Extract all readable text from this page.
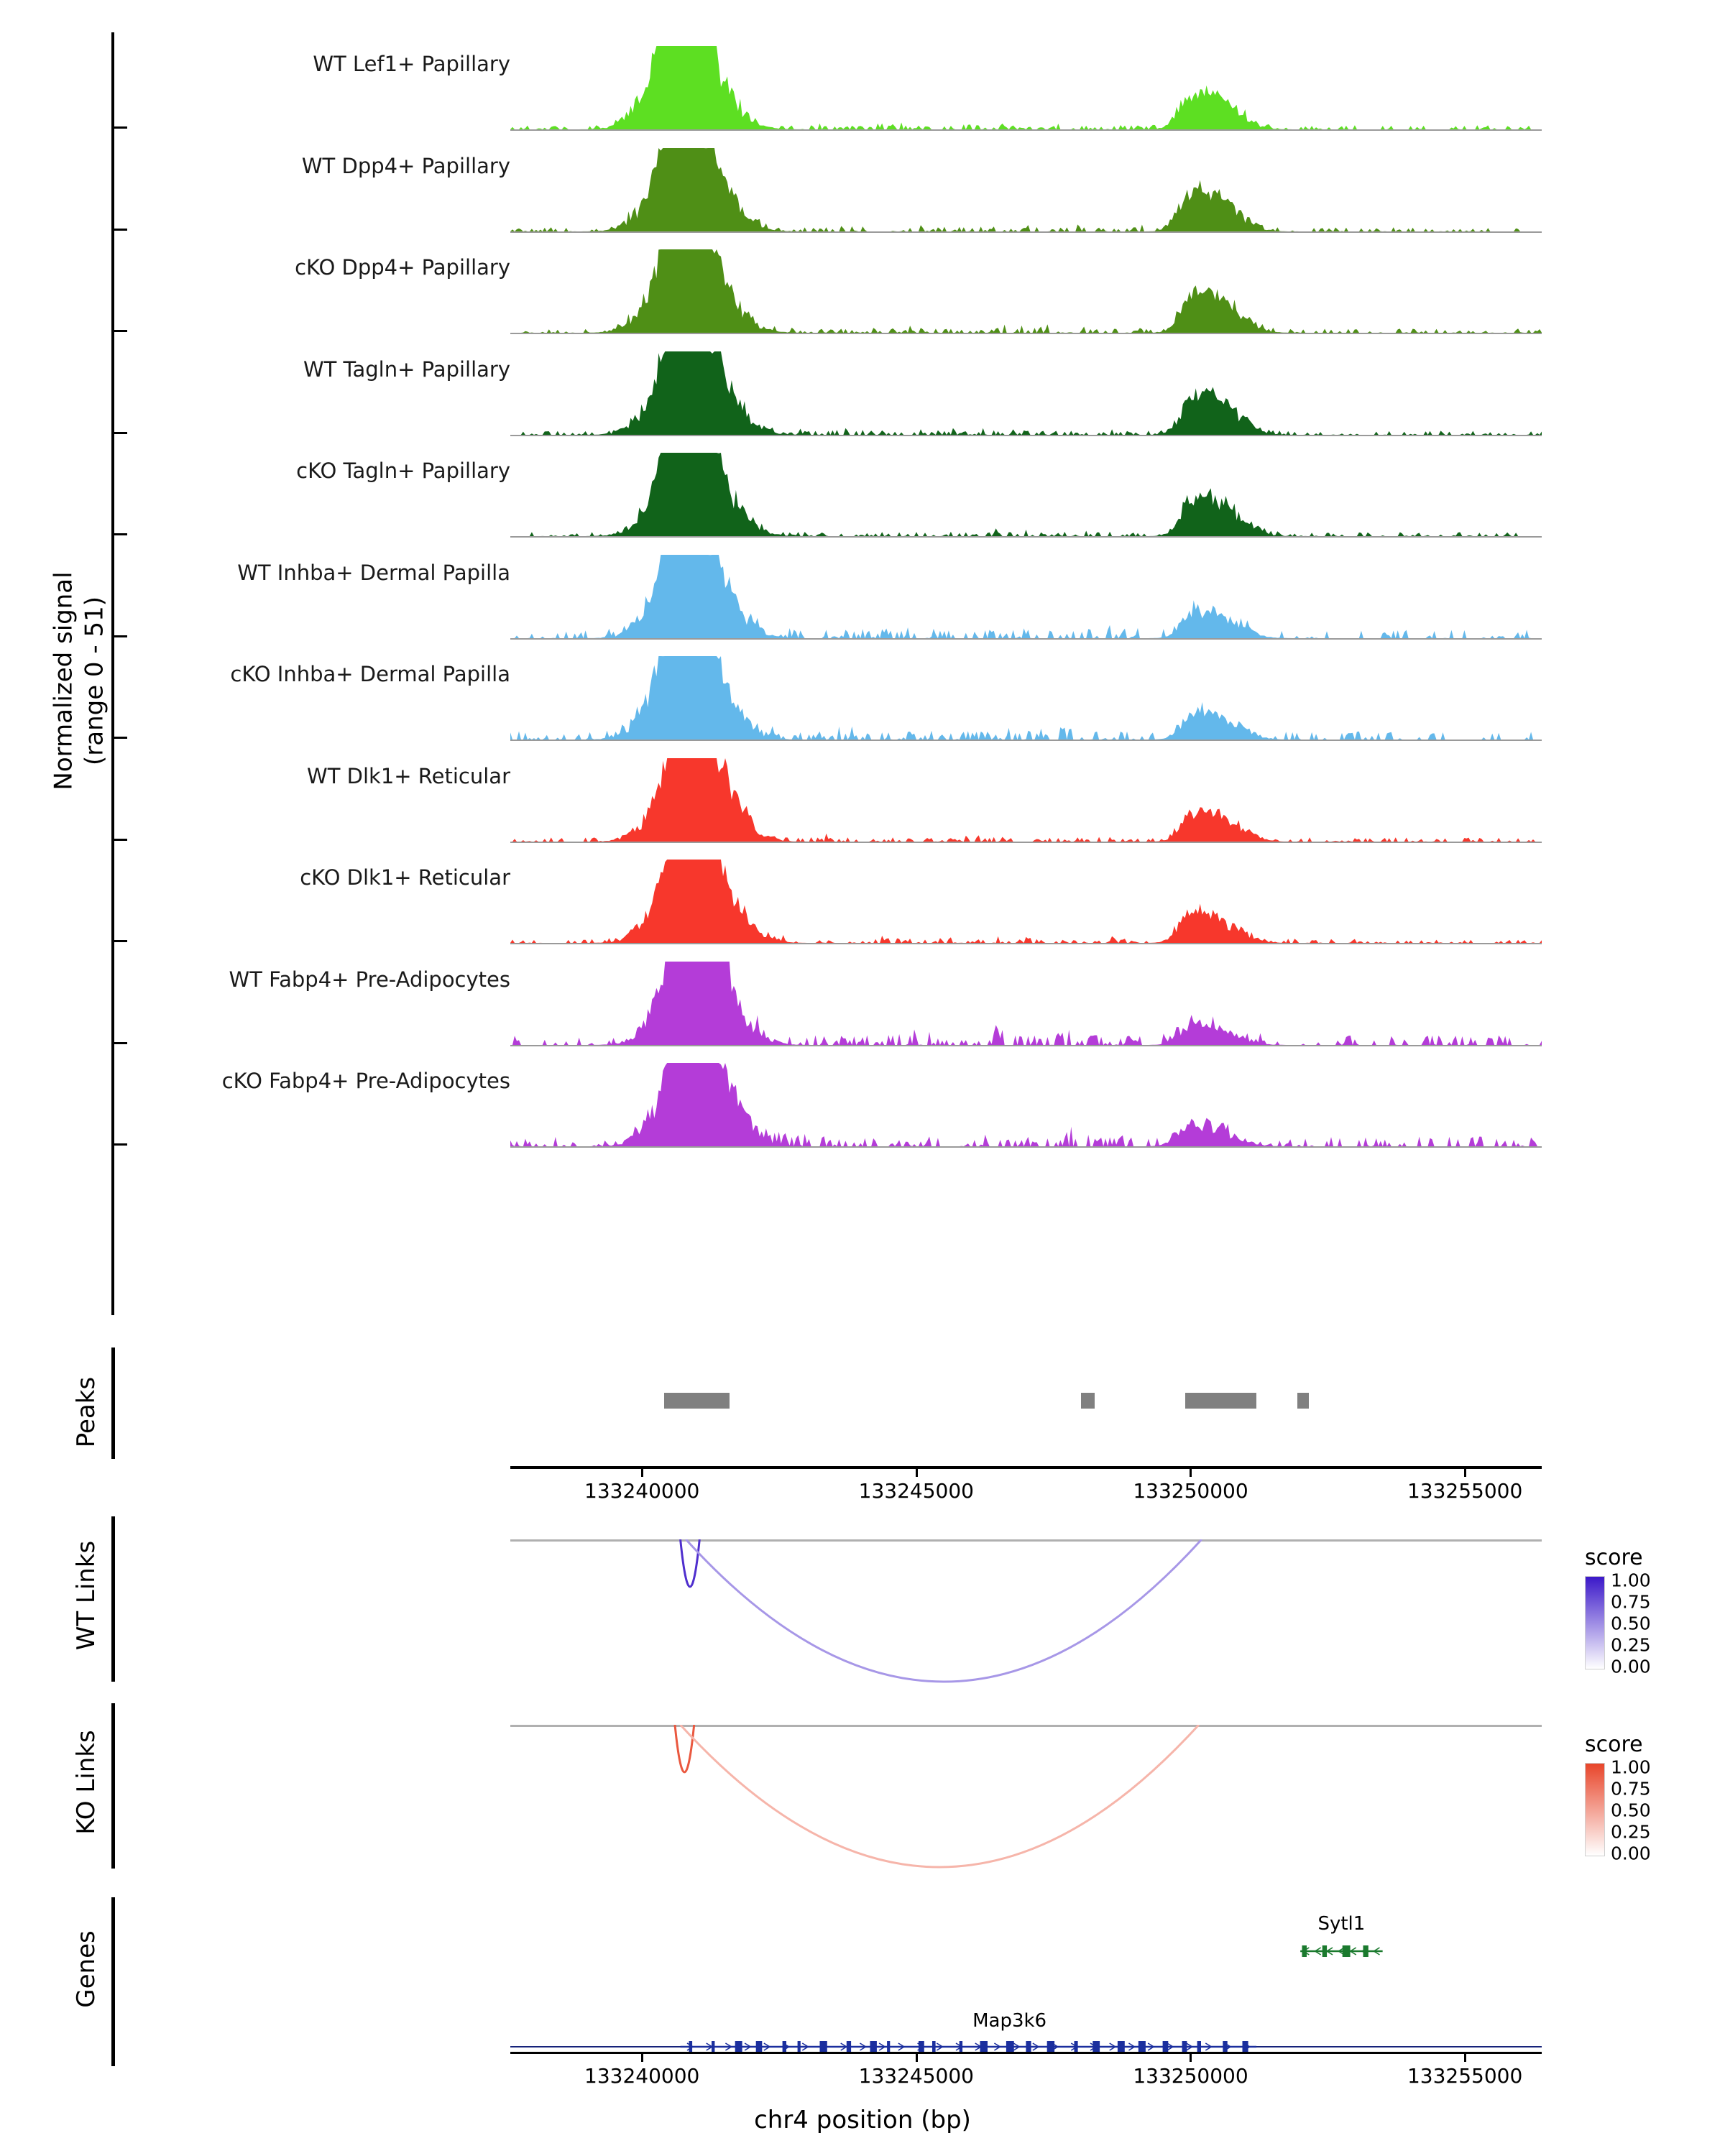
Normalized signal (range 0 - 51)
WT Lef1+ Papillary
WT Dpp4+ Papillary
cKO Dpp4+ Papillary
WT Tagln+ Papillary
cKO Tagln+ Papillary
WT Inhba+ Dermal Papilla
cKO Inhba+ Dermal Papilla
WT Dlk1+ Reticular
cKO Dlk1+ Reticular
WT Fabp4+ Pre-Adipocytes
cKO Fabp4+ Pre-Adipocytes
Peaks
133240000	133245000	133250000	133255000
WT Links	score
1.00
0.75
0.50
0.25
0.00
KO Links	score
1.00
0.75
0.50
0.25
0.00
Genes
Sytl1
Map3k6
133240000	133245000	133250000	133255000
chr4 position (bp)
